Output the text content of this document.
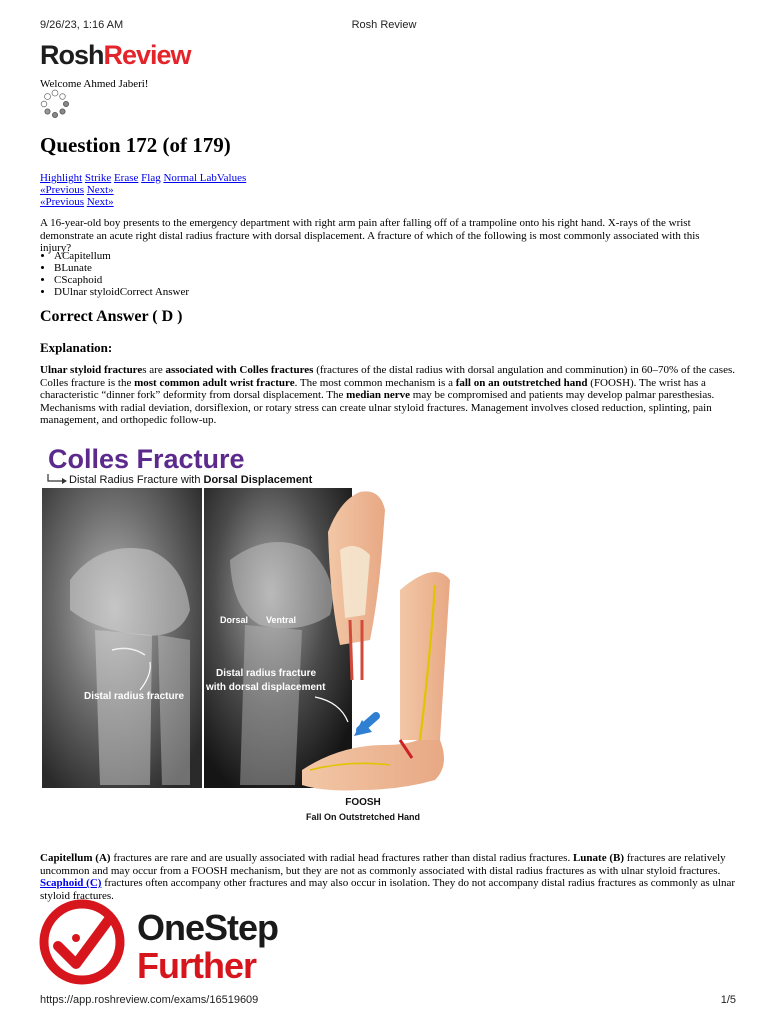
9/26/23, 1:16 AM	Rosh Review
RoshReview
Welcome Ahmed Jaberi!
Question 172 (of 179)
Highlight Strike Erase Flag Normal LabValues
«Previous Next»
«Previous Next»

A 16-year-old boy presents to the emergency department with right arm pain after falling off of a trampoline onto his right hand. X-rays of the wrist demonstrate an acute right distal radius fracture with dorsal displacement. A fracture of which of the following is most commonly associated with this injury?

• ACapitellum
• BLunate
• CScaphoid
• DUlnar styloidCorrect Answer
Correct Answer ( D )
Explanation:

Ulnar styloid fractures are associated with Colles fractures (fractures of the distal radius with dorsal angulation and comminution) in 60–70% of the cases. Colles fracture is the most common adult wrist fracture. The most common mechanism is a fall on an outstretched hand (FOOSH). The wrist has a characteristic “dinner fork” deformity from dorsal displacement. The median nerve may be compromised and patients may develop palmar paresthesias. Mechanisms with radial deviation, dorsiflexion, or rotary stress can create ulnar styloid fractures. Management involves closed reduction, splinting, pain management, and orthopedic follow-up.

Colles Fracture
Distal Radius Fracture with Dorsal Displacement
Distal radius fracture
Dorsal Ventral
Distal radius fracture
with dorsal displacement
FOOSH
Fall On Outstretched Hand

Capitellum (A) fractures are rare and are usually associated with radial head fractures rather than distal radius fractures. Lunate (B) fractures are relatively uncommon and may occur from a FOOSH mechanism, but they are not as commonly associated with distal radius fractures as with ulnar styloid fractures. Scaphoid (C) fractures often accompany other fractures and may also occur in isolation. They do not accompany distal radius fractures as commonly as ulnar styloid fractures.

OneStep
Further
https://app.roshreview.com/exams/16519609	1/5
